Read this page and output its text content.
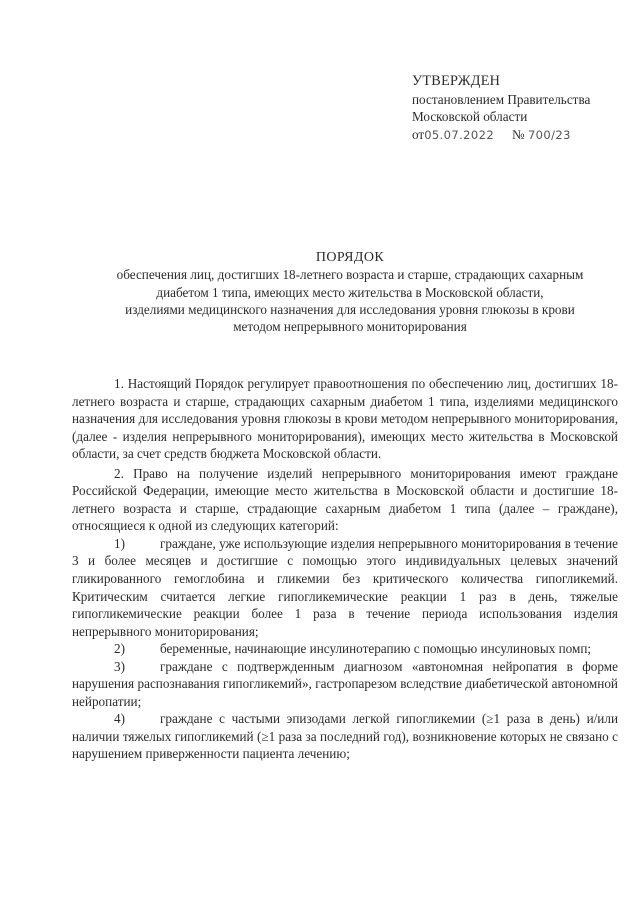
УТВЕРЖДЕН
постановлением Правительства
Московской области
от05.07.2022 № 700/23
ПОРЯДОК
обеспечения лиц, достигших 18-летнего возраста и старше, страдающих сахарным
диабетом 1 типа, имеющих место жительства в Московской области,
изделиями медицинского назначения для исследования уровня глюкозы в крови
методом непрерывного мониторирования

1. Настоящий Порядок регулирует правоотношения по обеспечению лиц, достигших 18-летнего возраста и старше, страдающих сахарным диабетом 1 типа, изделиями медицинского назначения для исследования уровня глюкозы в крови методом непрерывного мониторирования, (далее - изделия непрерывного мониторирования), имеющих место жительства в Московской области, за счет средств бюджета Московской области.

2. Право на получение изделий непрерывного мониторирования имеют граждане Российской Федерации, имеющие место жительства в Московской области и достигшие 18-летнего возраста и старше, страдающие сахарным диабетом 1 типа (далее – граждане), относящиеся к одной из следующих категорий:

1)	граждане, уже использующие изделия непрерывного мониторирования в течение 3 и более месяцев и достигшие с помощью этого индивидуальных целевых значений гликированного гемоглобина и гликемии без критического количества гипогликемий. Критическим считается легкие гипогликемические реакции 1 раз в день, тяжелые гипогликемические реакции более 1 раза в течение периода использования изделия непрерывного мониторирования;

2)	беременные, начинающие инсулинотерапию с помощью инсулиновых помп;

3)	граждане с подтвержденным диагнозом «автономная нейропатия в форме нарушения распознавания гипогликемий», гастропарезом вследствие диабетической автономной нейропатии;

4)	граждане с частыми эпизодами легкой гипогликемии (≥1 раза в день) и/или наличии тяжелых гипогликемий (≥1 раза за последний год), возникновение которых не связано с нарушением приверженности пациента лечению;
